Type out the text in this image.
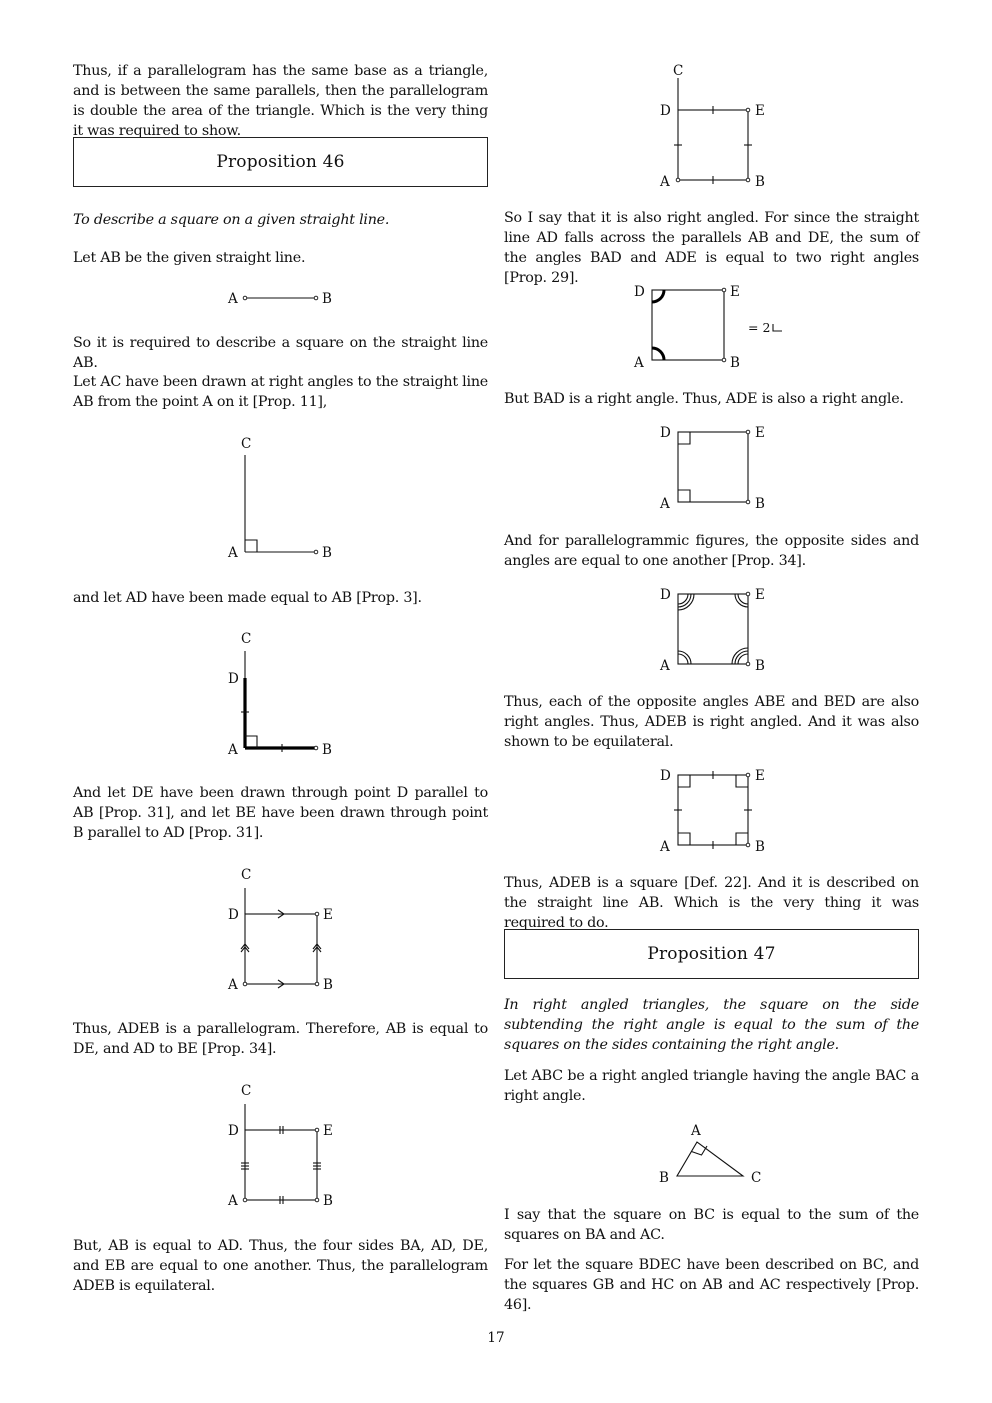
Thus, if a parallelogram has the same base as a triangle, and is between the same parallels, then the parallelogram is double the area of the triangle. Which is the very thing it was required to show.

Proposition 46

To describe a square on a given straight line.

Let AB be the given straight line.

A	B

So it is required to describe a square on the straight line AB.

Let AC have been drawn at right angles to the straight line AB from the point A on it [Prop. 11],

C
A	B

and let AD have been made equal to AB [Prop. 3].

C
D
A	B

And let DE have been drawn through point D parallel to AB [Prop. 31], and let BE have been drawn through point B parallel to AD [Prop. 31].

C
D	E
A	B

Thus, ADEB is a parallelogram. Therefore, AB is equal to DE, and AD to BE [Prop. 34].

C
D	E
A	B

But, AB is equal to AD. Thus, the four sides BA, AD, DE, and EB are equal to one another. Thus, the parallelogram ADEB is equilateral.

C
D	E
A	B

So I say that it is also right angled. For since the straight line AD falls across the parallels AB and DE, the sum of the angles BAD and ADE is equal to two right angles [Prop. 29].

D	E
A	B
= 2

But BAD is a right angle. Thus, ADE is also a right angle.

D	E
A	B

And for parallelogrammic figures, the opposite sides and angles are equal to one another [Prop. 34].

D	E
A	B

Thus, each of the opposite angles ABE and BED are also right angles. Thus, ADEB is right angled. And it was also shown to be equilateral.

D	E
A	B

Thus, ADEB is a square [Def. 22]. And it is described on the straight line AB. Which is the very thing it was required to do.

Proposition 47

In right angled triangles, the square on the side subtending the right angle is equal to the sum of the squares on the sides containing the right angle.

Let ABC be a right angled triangle having the angle BAC a right angle.

A
B	C

I say that the square on BC is equal to the sum of the squares on BA and AC.

For let the square BDEC have been described on BC, and the squares GB and HC on AB and AC respectively [Prop. 46].

17
